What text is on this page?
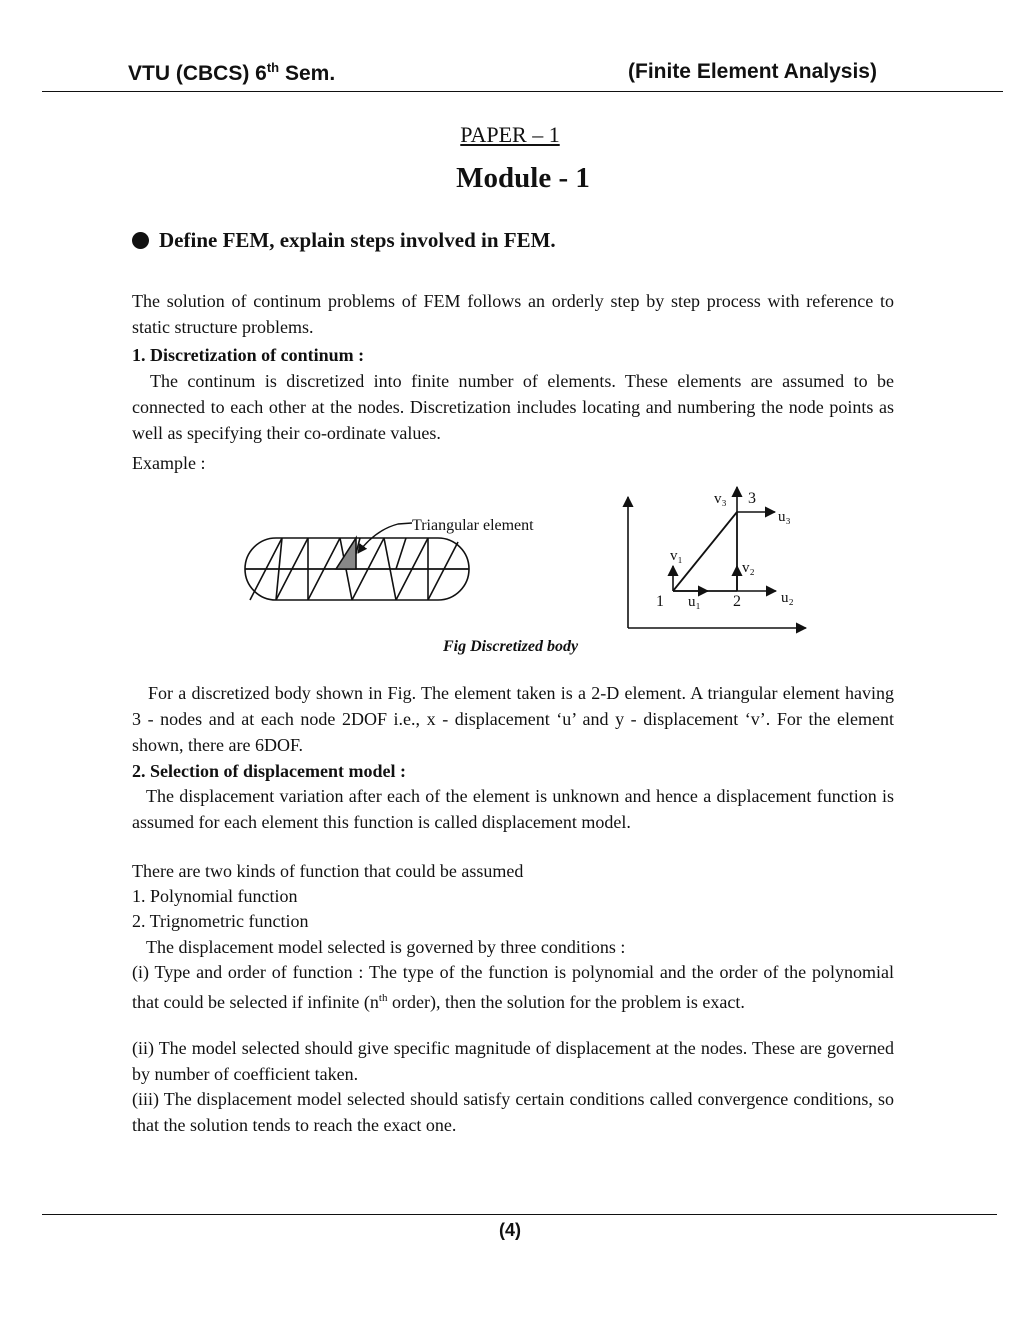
VTU (CBCS) 6th Sem.	(Finite Element Analysis)
PAPER – 1
Module - 1
Define FEM, explain steps involved in FEM.

The solution of continum problems of FEM follows an orderly step by step process with reference to static structure problems.

1. Discretization of continum :

The continum is discretized into finite number of elements. These elements are assumed to be connected to each other at the nodes. Discretization includes locating and numbering the node points as well as specifying their co-ordinate values.

Example :

Triangular element
1	2
3
v₃
u₃
v₁
u₁
v₂
u₂
Fig Discretized body

For a discretized body shown in Fig. The element taken is a 2-D element. A triangular element having 3 - nodes and at each node 2DOF i.e., x - displacement ‘u’ and y - displacement ‘v’. For the element shown, there are 6DOF.

2. Selection of displacement model :

The displacement variation after each of the element is unknown and hence a displacement function is assumed for each element this function is called displacement model.

There are two kinds of function that could be assumed

1. Polynomial function

2. Trignometric function

The displacement model selected is governed by three conditions :

(i) Type and order of function : The type of the function is polynomial and the order of the polynomial that could be selected if infinite ($n^{th}$ order), then the solution for the problem is exact.

(ii) The model selected should give specific magnitude of displacement at the nodes. These are governed by number of coefficient taken.

(iii) The displacement model selected should satisfy certain conditions called convergence conditions, so that the solution tends to reach the exact one.

(4)
